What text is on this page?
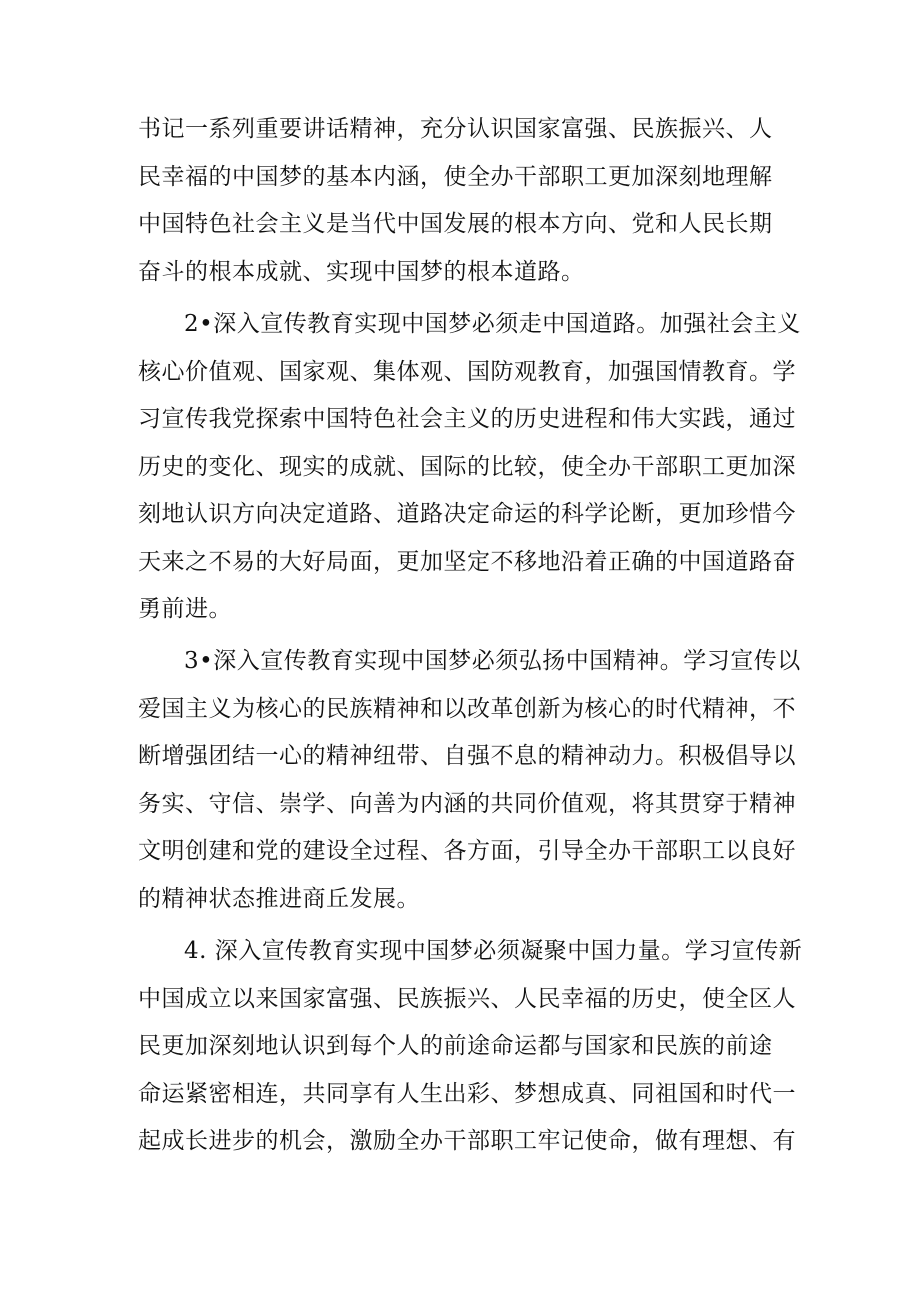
书记一系列重要讲话精神，充分认识国家富强、民族振兴、人
民幸福的中国梦的基本内涵，使全办干部职工更加深刻地理解
中国特色社会主义是当代中国发展的根本方向、党和人民长期
奋斗的根本成就、实现中国梦的根本道路。
2•深入宣传教育实现中国梦必须走中国道路。加强社会主义
核心价值观、国家观、集体观、国防观教育，加强国情教育。学
习宣传我党探索中国特色社会主义的历史进程和伟大实践，通过
历史的变化、现实的成就、国际的比较，使全办干部职工更加深
刻地认识方向决定道路、道路决定命运的科学论断，更加珍惜今
天来之不易的大好局面，更加坚定不移地沿着正确的中国道路奋
勇前进。
3•深入宣传教育实现中国梦必须弘扬中国精神。学习宣传以
爱国主义为核心的民族精神和以改革创新为核心的时代精神，不
断增强团结一心的精神纽带、自强不息的精神动力。积极倡导以
务实、守信、崇学、向善为内涵的共同价值观，将其贯穿于精神
文明创建和党的建设全过程、各方面，引导全办干部职工以良好
的精神状态推进商丘发展。
4. 深入宣传教育实现中国梦必须凝聚中国力量。学习宣传新
中国成立以来国家富强、民族振兴、人民幸福的历史，使全区人
民更加深刻地认识到每个人的前途命运都与国家和民族的前途
命运紧密相连，共同享有人生出彩、梦想成真、同祖国和时代一
起成长进步的机会，激励全办干部职工牢记使命，做有理想、有
